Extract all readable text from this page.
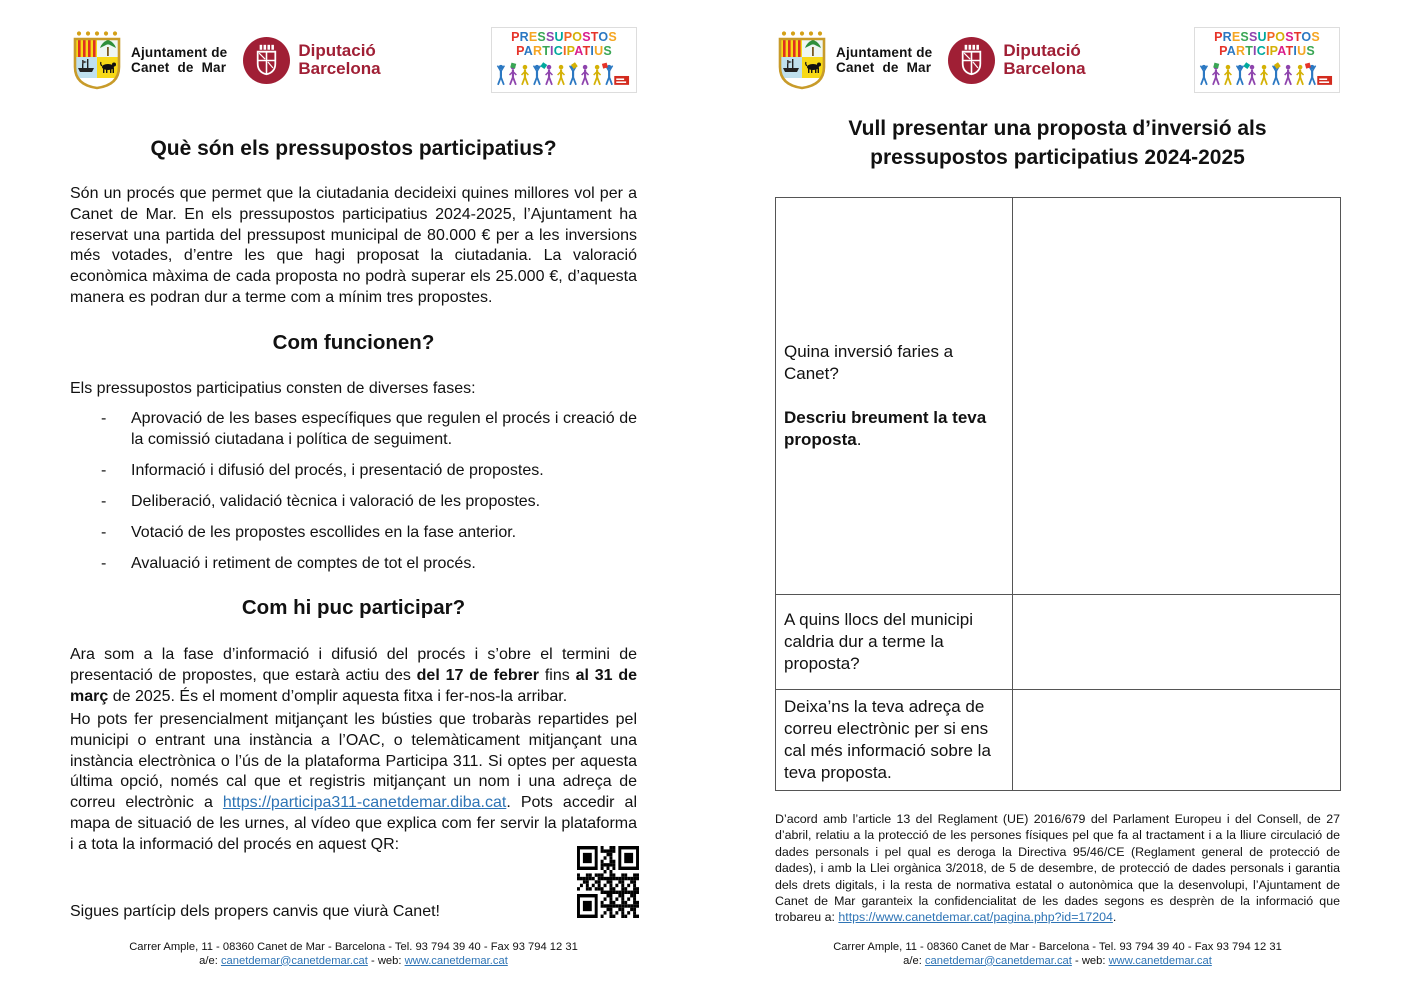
Ajuntament de
Canet de Mar
Diputació
Barcelona
PRESSUPOSTOS
PARTICIPATIUS
Què són els pressupostos participatius?

Són un procés que permet que la ciutadania decideixi quines millores vol per a Canet de Mar. En els pressupostos participatius 2024-2025, l’Ajuntament ha reservat una partida del pressupost municipal de 80.000 € per a les inversions més votades, d’entre les que hagi proposat la ciutadania. La valoració econòmica màxima de cada proposta no podrà superar els 25.000 €, d’aquesta manera es podran dur a terme com a mínim tres propostes.

Com funcionen?

Els pressupostos participatius consten de diverses fases:

- Aprovació de les bases específiques que regulen el procés i creació de la comissió ciutadana i política de seguiment.
- Informació i difusió del procés, i presentació de propostes.
- Deliberació, validació tècnica i valoració de les propostes.
- Votació de les propostes escollides en la fase anterior.
- Avaluació i retiment de comptes de tot el procés.
Com hi puc participar?

Ara som a la fase d’informació i difusió del procés i s’obre el termini de presentació de propostes, que estarà actiu des del 17 de febrer fins al 31 de març de 2025. És el moment d’omplir aquesta fitxa i fer-nos-la arribar.

Ho pots fer presencialment mitjançant les bústies que trobaràs repartides pel municipi o entrant una instància a l’OAC, o telemàticament mitjançant una instància electrònica o l’ús de la plataforma Participa 311. Si optes per aquesta última opció, només cal que et registris mitjançant un nom i una adreça de correu electrònic a https://participa311-canetdemar.diba.cat. Pots accedir al mapa de situació de les urnes, al vídeo que explica com fer servir la plataforma i a tota la informació del procés en aquest QR:

Sigues partícip dels propers canvis que viurà Canet!

Carrer Ample, 11 - 08360 Canet de Mar - Barcelona - Tel. 93 794 39 40 - Fax 93 794 12 31
a/e: canetdemar@canetdemar.cat - web: www.canetdemar.cat
Ajuntament de
Canet de Mar
Diputació
Barcelona
PRESSUPOSTOS
PARTICIPATIUS
Vull presentar una proposta d’inversió als
pressupostos participatius 2024-2025
Quina inversió faries a Canet?
Descriu breument la teva proposta.	

A quins llocs del municipi caldria dur a terme la proposta?	
Deixa’ns la teva adreça de correu electrònic per si ens cal més informació sobre la teva proposta.	

D’acord amb l’article 13 del Reglament (UE) 2016/679 del Parlament Europeu i del Consell, de 27 d’abril, relatiu a la protecció de les persones físiques pel que fa al tractament i a la lliure circulació de dades personals i pel qual es deroga la Directiva 95/46/CE (Reglament general de protecció de dades), i amb la Llei orgànica 3/2018, de 5 de desembre, de protecció de dades personals i garantia dels drets digitals, i la resta de normativa estatal o autonòmica que la desenvolupi, l’Ajuntament de Canet de Mar garanteix la confidencialitat de les dades segons es desprèn de la informació que trobareu a: https://www.canetdemar.cat/pagina.php?id=17204.

Carrer Ample, 11 - 08360 Canet de Mar - Barcelona - Tel. 93 794 39 40 - Fax 93 794 12 31
a/e: canetdemar@canetdemar.cat - web: www.canetdemar.cat
